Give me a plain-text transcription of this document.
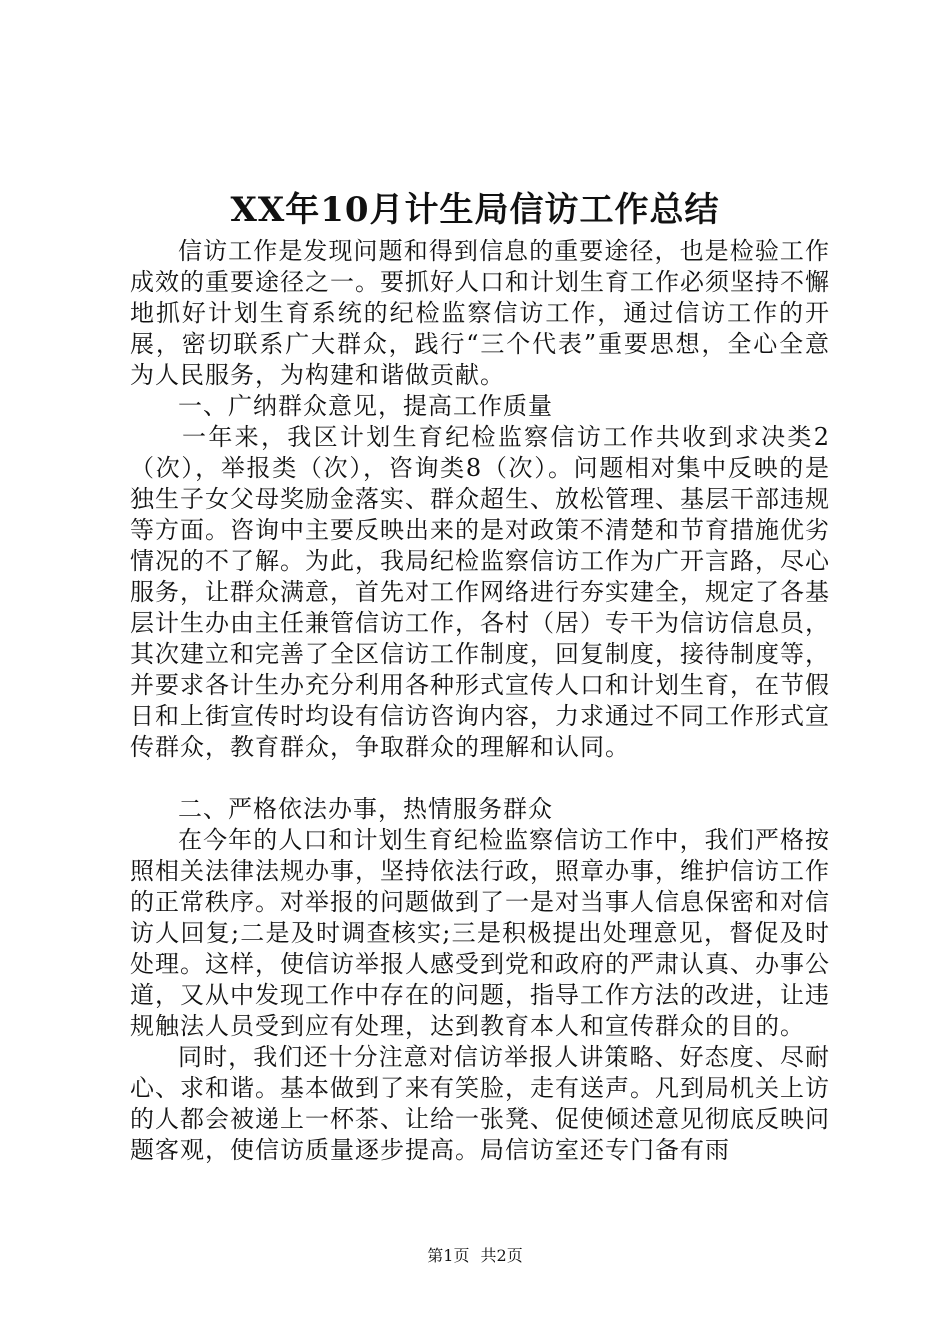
XX年10月计生局信访工作总结

信访工作是发现问题和得到信息的重要途径，也是检验工作成效的重要途径之一。要抓好人口和计划生育工作必须坚持不懈地抓好计划生育系统的纪检监察信访工作，通过信访工作的开展，密切联系广大群众，践行“三个代表”重要思想，全心全意为人民服务，为构建和谐做贡献。

一、广纳群众意见，提高工作质量

一年来，我区计划生育纪检监察信访工作共收到求决类2（次），举报类（次），咨询类8（次）。问题相对集中反映的是独生子女父母奖励金落实、群众超生、放松管理、基层干部违规等方面。咨询中主要反映出来的是对政策不清楚和节育措施优劣情况的不了解。为此，我局纪检监察信访工作为广开言路，尽心服务，让群众满意，首先对工作网络进行夯实建全，规定了各基层计生办由主任兼管信访工作，各村（居）专干为信访信息员，其次建立和完善了全区信访工作制度，回复制度，接待制度等，并要求各计生办充分利用各种形式宣传人口和计划生育，在节假日和上街宣传时均设有信访咨询内容，力求通过不同工作形式宣传群众，教育群众，争取群众的理解和认同。

二、严格依法办事，热情服务群众

在今年的人口和计划生育纪检监察信访工作中，我们严格按照相关法律法规办事，坚持依法行政，照章办事，维护信访工作的正常秩序。对举报的问题做到了一是对当事人信息保密和对信访人回复;二是及时调查核实;三是积极提出处理意见，督促及时处理。这样，使信访举报人感受到党和政府的严肃认真、办事公道，又从中发现工作中存在的问题，指导工作方法的改进，让违规触法人员受到应有处理，达到教育本人和宣传群众的目的。

同时，我们还十分注意对信访举报人讲策略、好态度、尽耐心、求和谐。基本做到了来有笑脸，走有送声。凡到局机关上访的人都会被递上一杯茶、让给一张凳、促使倾述意见彻底反映问题客观，使信访质量逐步提高。局信访室还专门备有雨

第1页 共2页
